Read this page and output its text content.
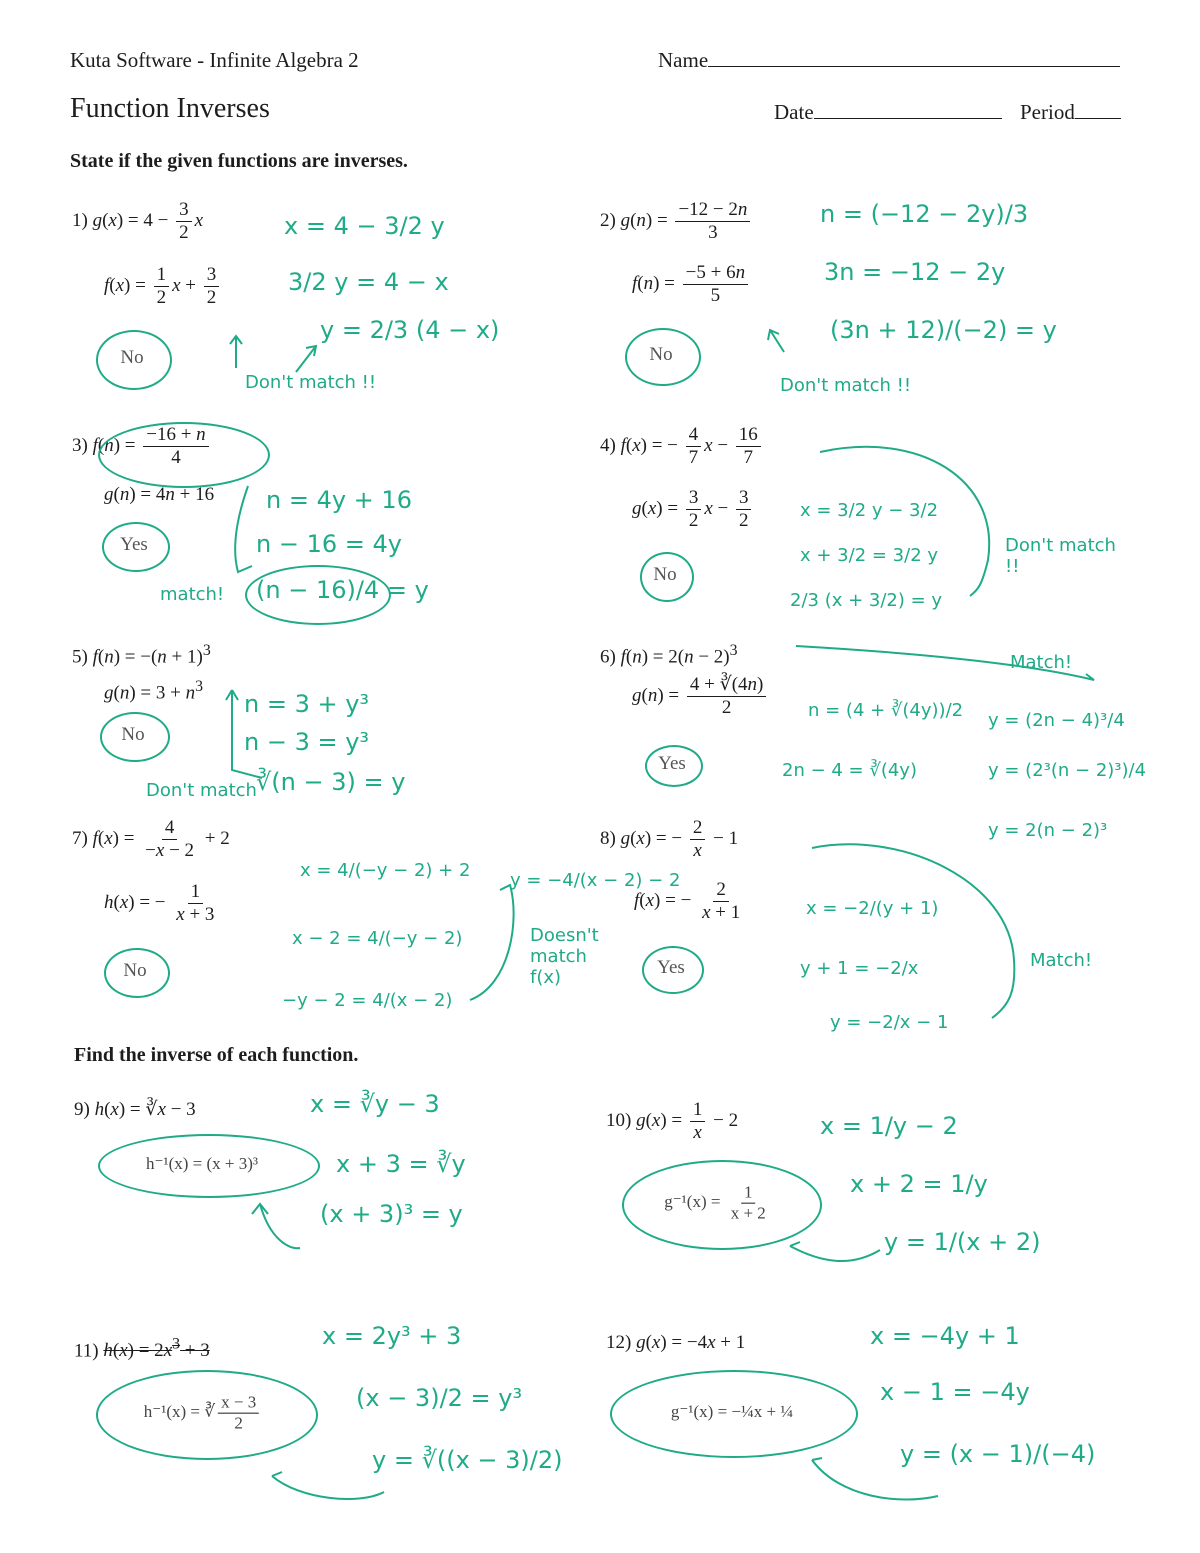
Kuta Software - Infinite Algebra 2	Name
Function Inverses	Date	Period
State if the given functions are inverses.
1) $g(x) = 4 - \frac{3}{2}$ x
$f(x) = \frac{1}{2}$ $x + \frac{3}{2}$
No
x = 4 − 3/2 y
3/2 y = 4 − x
y = 2/3 (4 − x)
Don't match !!
2) $g(n) = \frac{-12 - 2n}{3}$
$f(n) = \frac{-5 + 6n}{5}$
No
n = (−12 − 2y)/3
3n = −12 − 2y
(3n + 12)/(−2) = y
Don't match !!
3) $f(n) = \frac{-16 + n}{4}$
g(n) = 4n + 16
Yes
n = 4y + 16
n − 16 = 4y
(n − 16)/4 = y
match!
4) f(x) = − $\frac{4}{7}$ $x - \frac{16}{7}$
$g(x) = \frac{3}{2}$ $x - \frac{3}{2}$
No
x = 3/2 y − 3/2
x + 3/2 = 3/2 y
2/3 (x + 3/2) = y
Don't match !!
5) $f(n) = -(n + 1)^3$
$g(n) = 3 + n^3$
No
n = 3 + y³
n − 3 = y³
∛(n − 3) = y
Don't match
6) $f(n) = 2(n - 2)^3$
$g(n) = \frac{4 + ∛(4n)}{2}$
Yes
n = (4 + ∛(4y))/2
2n − 4 = ∛(4y)
y = (2n − 4)³/4
y = (2³(n − 2)³)/4
y = 2(n − 2)³
Match!
7) $f(x) = \frac{4}{-x - 2} + 2$
h(x) = − $\frac{1}{x + 3}$
No
x = 4/(−y − 2) + 2
x − 2 = 4/(−y − 2)
−y − 2 = 4/(x − 2)
y = −4/(x − 2) − 2
Doesn't match f(x)
8) g(x) = − $\frac{2}{x} - 1$
f(x) = − $\frac{2}{x + 1}$
Yes
x = −2/(y + 1)
y + 1 = −2/x
y = −2/x − 1
Match!
Find the inverse of each function.
9) h(x) = ∛x − 3
h⁻¹(x) = (x + 3)³
x = ∛y − 3
x + 3 = ∛y
(x + 3)³ = y
10) $g(x) = \frac{1}{x} - 2$
$g^{-1}(x) = \frac{1}{x + 2}$
x = 1/y − 2
x + 2 = 1/y
y = 1/(x + 2)
11) $h(x) = 2x^3 + 3$
h⁻¹(x) = ∛ $\frac{x - 3}{2}$
x = 2y³ + 3
(x − 3)/2 = y³
y = ∛((x − 3)/2)
12) g(x) = −4x + 1
g⁻¹(x) = −¼x + ¼
x = −4y + 1
x − 1 = −4y
y = (x − 1)/(−4)
